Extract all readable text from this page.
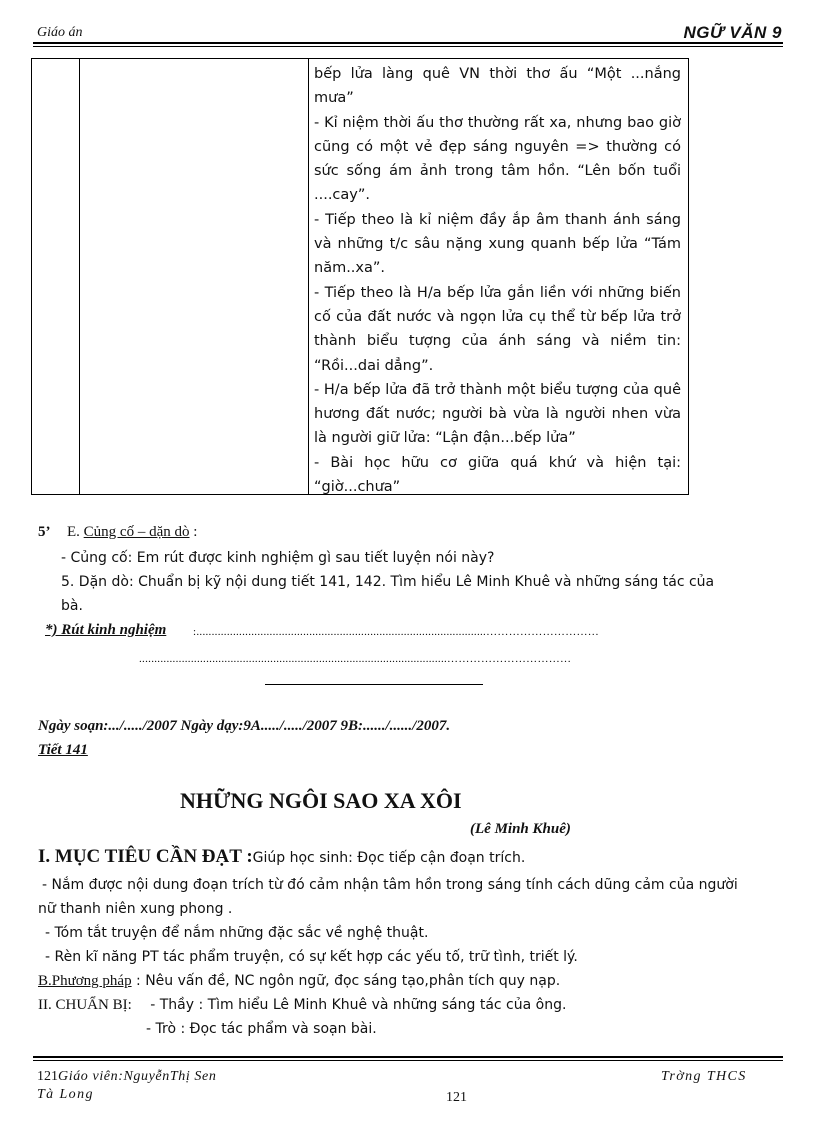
Giáo án	NGỮ VĂN 9

bếp lửa làng quê VN thời thơ ấu “Một ...nắng mưa”

- Kỉ niệm thời ấu thơ thường rất xa, nhưng bao giờ cũng có một vẻ đẹp sáng nguyên => thường có sức sống ám ảnh trong tâm hồn. “Lên bốn tuổi ....cay”.

- Tiếp theo là kỉ niệm đầy ắp âm thanh ánh sáng và những t/c sâu nặng xung quanh bếp lửa “Tám năm..xa”.

- Tiếp theo là H/a bếp lửa gắn liền với những biến cố của đất nước và ngọn lửa cụ thể từ bếp lửa trở thành biểu tượng của ánh sáng và niềm tin: “Rồi...dai dẳng”.

- H/a bếp lửa đã trở thành một biểu tượng của quê hương đất nước; người bà vừa là người nhen vừa là người giữ lửa: “Lận đận...bếp lửa”

- Bài học hữu cơ giữa quá khứ và hiện tại: “giờ...chưa”

5’ E. Củng cố – dặn dò :
- Củng cố: Em rút được kinh nghiệm gì sau tiết luyện nói này?
5. Dặn dò: Chuẩn bị kỹ nội dung tiết 141, 142. Tìm hiểu Lê Minh Khuê và những sáng tác của
bà.
*) Rút kinh nghiệm :...............................................................................................…………………………
.....................................................................................................……………………………
Ngày soạn:.../...../2007 Ngày dạy:9A...../...../2007 9B:....../....../2007.
Tiết 141
NHỮNG NGÔI SAO XA XÔI
(Lê Minh Khuê)
I. MỤC TIÊU CẦN ĐẠT :Giúp học sinh: Đọc tiếp cận đoạn trích.
- Nắm được nội dung đoạn trích từ đó cảm nhận tâm hồn trong sáng tính cách dũng cảm của người
nữ thanh niên xung phong .
- Tóm tắt truyện để nắm những đặc sắc về nghệ thuật.
- Rèn kĩ năng PT tác phẩm truyện, có sự kết hợp các yếu tố, trữ tình, triết lý.
B.Phương pháp : Nêu vấn đề, NC ngôn ngữ, đọc sáng tạo,phân tích quy nạp.
II. CHUẨN BỊ: - Thầy : Tìm hiểu Lê Minh Khuê và những sáng tác của ông.
- Trò : Đọc tác phẩm và soạn bài.
121Giáo viên:NguyễnThị Sen	Trờng THCS
Tà Long	121
